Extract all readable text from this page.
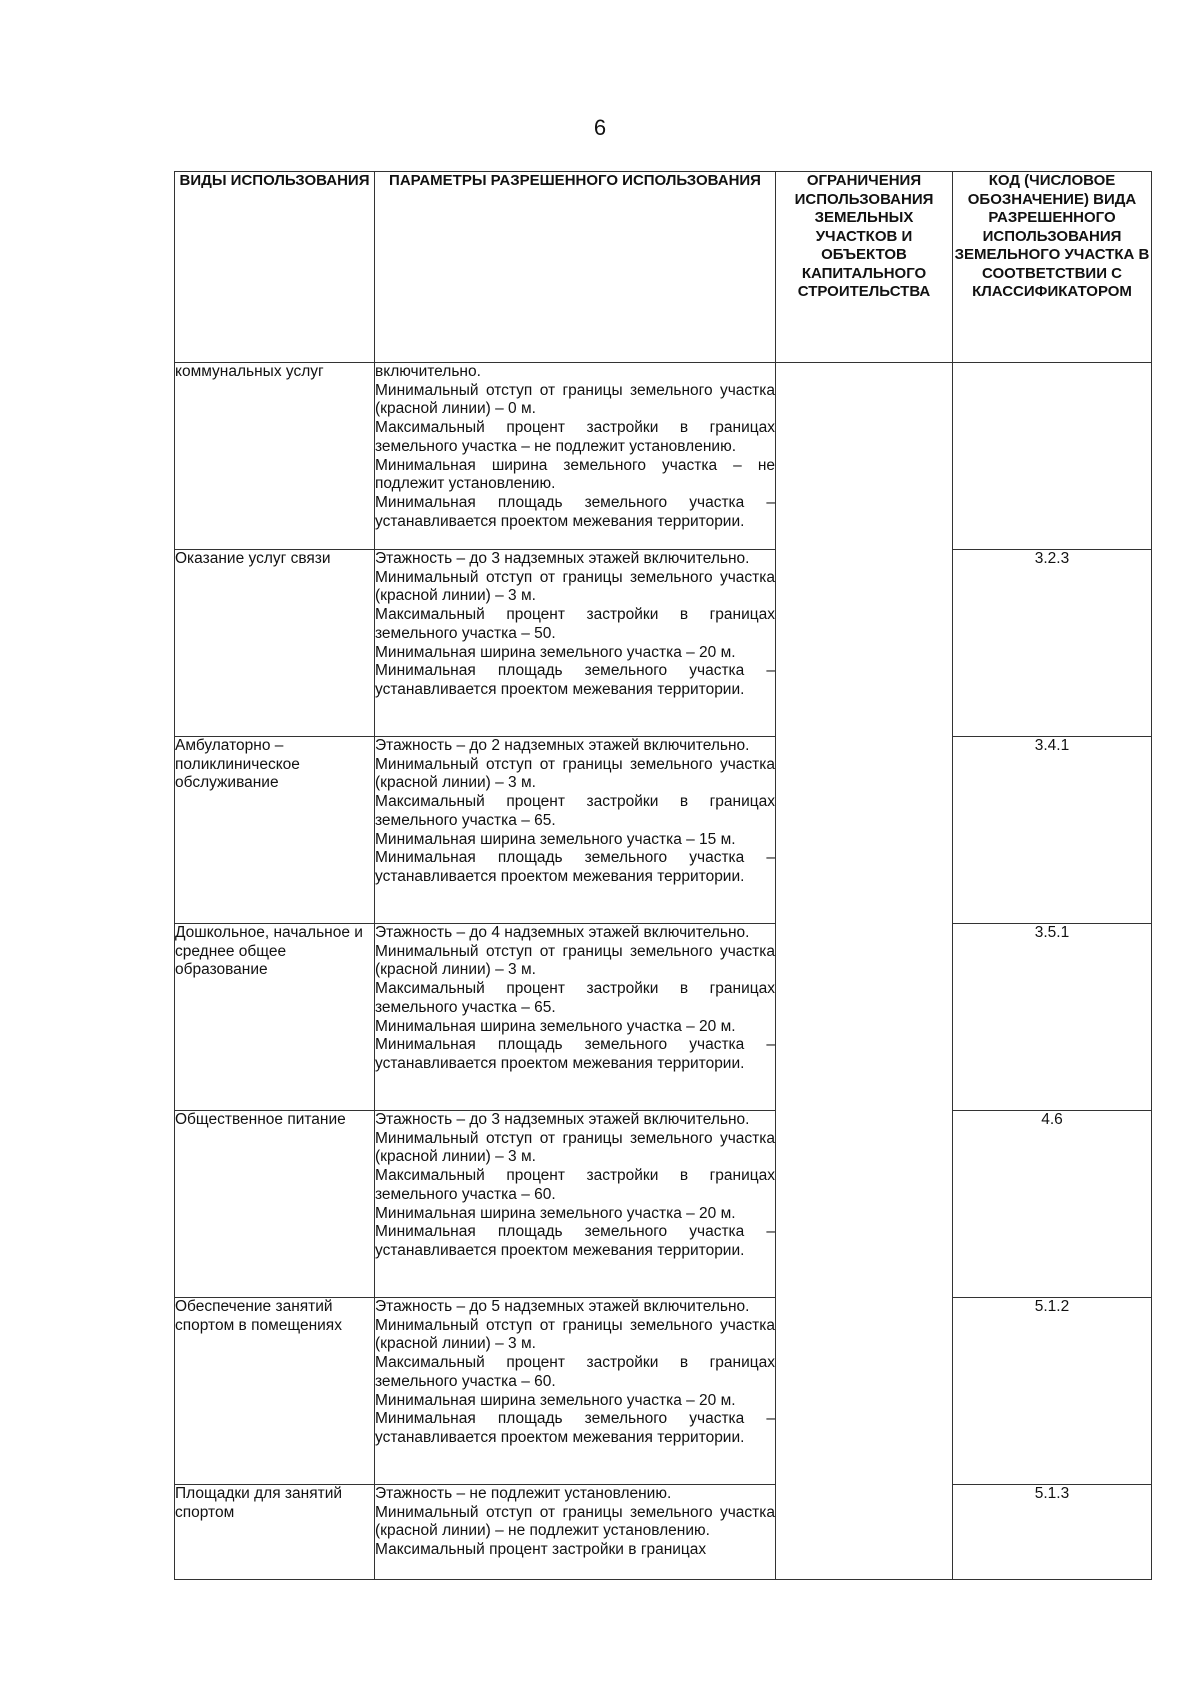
6
ВИДЫ ИСПОЛЬЗОВАНИЯ	ПАРАМЕТРЫ РАЗРЕШЕННОГО ИСПОЛЬЗОВАНИЯ	ОГРАНИЧЕНИЯ ИСПОЛЬЗОВАНИЯ ЗЕМЕЛЬНЫХ УЧАСТКОВ И ОБЪЕКТОВ КАПИТАЛЬНОГО СТРОИТЕЛЬСТВА	КОД (ЧИСЛОВОЕ ОБОЗНАЧЕНИЕ) ВИДА РАЗРЕШЕННОГО ИСПОЛЬЗОВАНИЯ ЗЕМЕЛЬНОГО УЧАСТКА В СООТВЕТСТВИИ С КЛАССИФИКАТОРОМ
коммунальных услуг	включительно.
Минимальный отступ от границы земельного участка (красной линии) – 0 м.
Максимальный процент застройки в границах земельного участка – не подлежит установлению.
Минимальная ширина земельного участка – не подлежит установлению.
Минимальная площадь земельного участка – устанавливается проектом межевания территории.		

Оказание услуг связи	Этажность – до 3 надземных этажей включительно.
Минимальный отступ от границы земельного участка (красной линии) – 3 м.
Максимальный процент застройки в границах земельного участка – 50.
Минимальная ширина земельного участка – 20 м.
Минимальная площадь земельного участка – устанавливается проектом межевания территории.		3.2.3
Амбулаторно – поликлиническое обслуживание	Этажность – до 2 надземных этажей включительно.
Минимальный отступ от границы земельного участка (красной линии) – 3 м.
Максимальный процент застройки в границах земельного участка – 65.
Минимальная ширина земельного участка – 15 м.
Минимальная площадь земельного участка – устанавливается проектом межевания территории.		3.4.1
Дошкольное, начальное и среднее общее образование	Этажность – до 4 надземных этажей включительно.
Минимальный отступ от границы земельного участка (красной линии) – 3 м.
Максимальный процент застройки в границах земельного участка – 65.
Минимальная ширина земельного участка – 20 м.
Минимальная площадь земельного участка – устанавливается проектом межевания территории.		3.5.1
Общественное питание	Этажность – до 3 надземных этажей включительно.
Минимальный отступ от границы земельного участка (красной линии) – 3 м.
Максимальный процент застройки в границах земельного участка – 60.
Минимальная ширина земельного участка – 20 м.
Минимальная площадь земельного участка – устанавливается проектом межевания территории.		4.6
Обеспечение занятий спортом в помещениях	Этажность – до 5 надземных этажей включительно.
Минимальный отступ от границы земельного участка (красной линии) – 3 м.
Максимальный процент застройки в границах земельного участка – 60.
Минимальная ширина земельного участка – 20 м.
Минимальная площадь земельного участка – устанавливается проектом межевания территории.		5.1.2
Площадки для занятий спортом	Этажность – не подлежит установлению.
Минимальный отступ от границы земельного участка (красной линии) – не подлежит установлению.
Максимальный процент застройки в границах		5.1.3
